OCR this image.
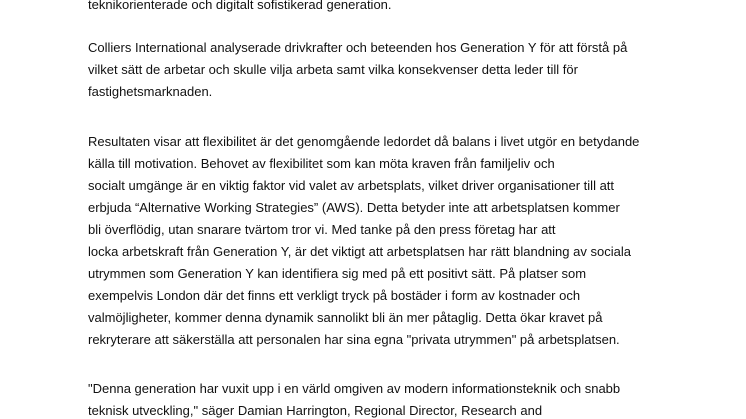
teknikorienterade och digitalt sofistikerad generation.

Colliers International analyserade drivkrafter och beteenden hos Generation Y för att förstå på
vilket sätt de arbetar och skulle vilja arbeta samt vilka konsekvenser detta leder till för
fastighetsmarknaden.

Resultaten visar att flexibilitet är det genomgående ledordet då balans i livet utgör en betydande
källa till motivation. Behovet av flexibilitet som kan möta kraven från familjeliv och
socialt umgänge är en viktig faktor vid valet av arbetsplats, vilket driver organisationer till att
erbjuda “Alternative Working Strategies” (AWS). Detta betyder inte att arbetsplatsen kommer
bli överflödig, utan snarare tvärtom tror vi. Med tanke på den press företag har att
locka arbetskraft från Generation Y, är det viktigt att arbetsplatsen har rätt blandning av sociala
utrymmen som Generation Y kan identifiera sig med på ett positivt sätt. På platser som
exempelvis London där det finns ett verkligt tryck på bostäder i form av kostnader och
valmöjligheter, kommer denna dynamik sannolikt bli än mer påtaglig. Detta ökar kravet på
rekryterare att säkerställa att personalen har sina egna "privata utrymmen" på arbetsplatsen.

"Denna generation har vuxit upp i en värld omgiven av modern informationsteknik och snabb
teknisk utveckling," säger Damian Harrington, Regional Director, Research and
